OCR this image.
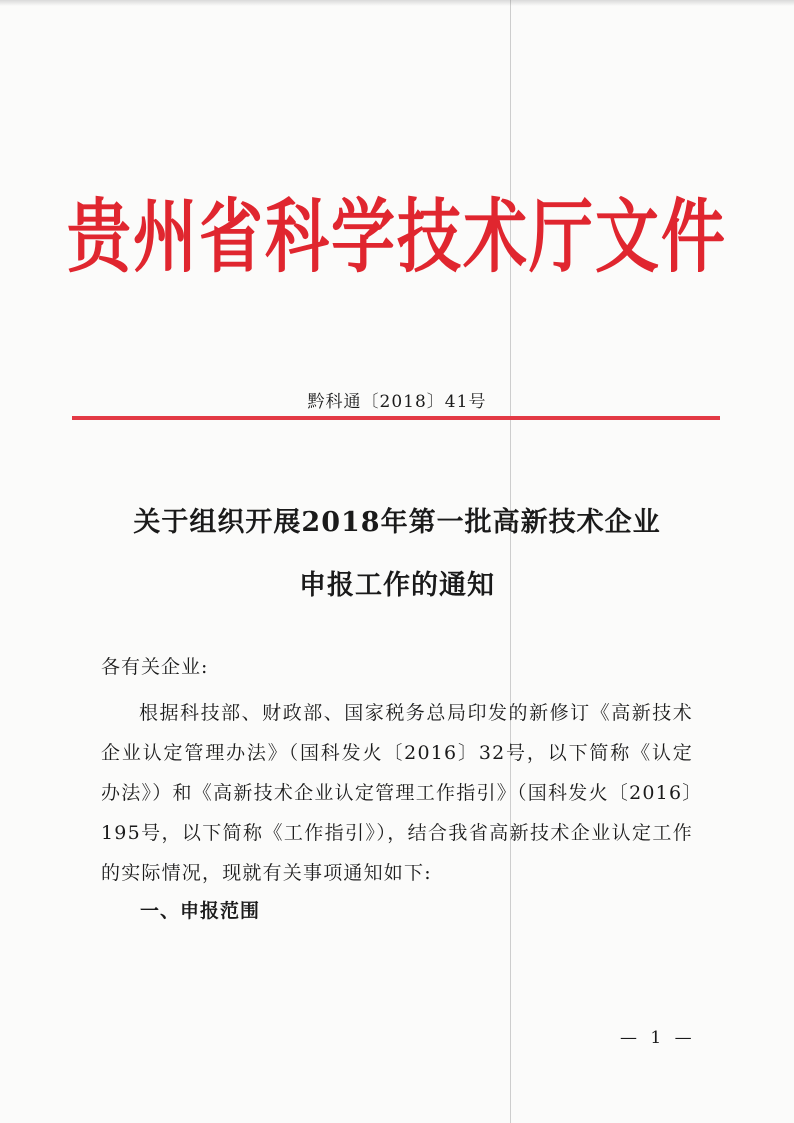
贵州省科学技术厅文件
黔科通〔2018〕41号
关于组织开展2018年第一批高新技术企业
申报工作的通知
各有关企业:

根据科技部、财政部、国家税务总局印发的新修订《高新技术企业认定管理办法》（国科发火〔2016〕32号，以下简称《认定办法》）和《高新技术企业认定管理工作指引》（国科发火〔2016〕195号，以下简称《工作指引》），结合我省高新技术企业认定工作的实际情况，现就有关事项通知如下:

一、申报范围
— 1 —
